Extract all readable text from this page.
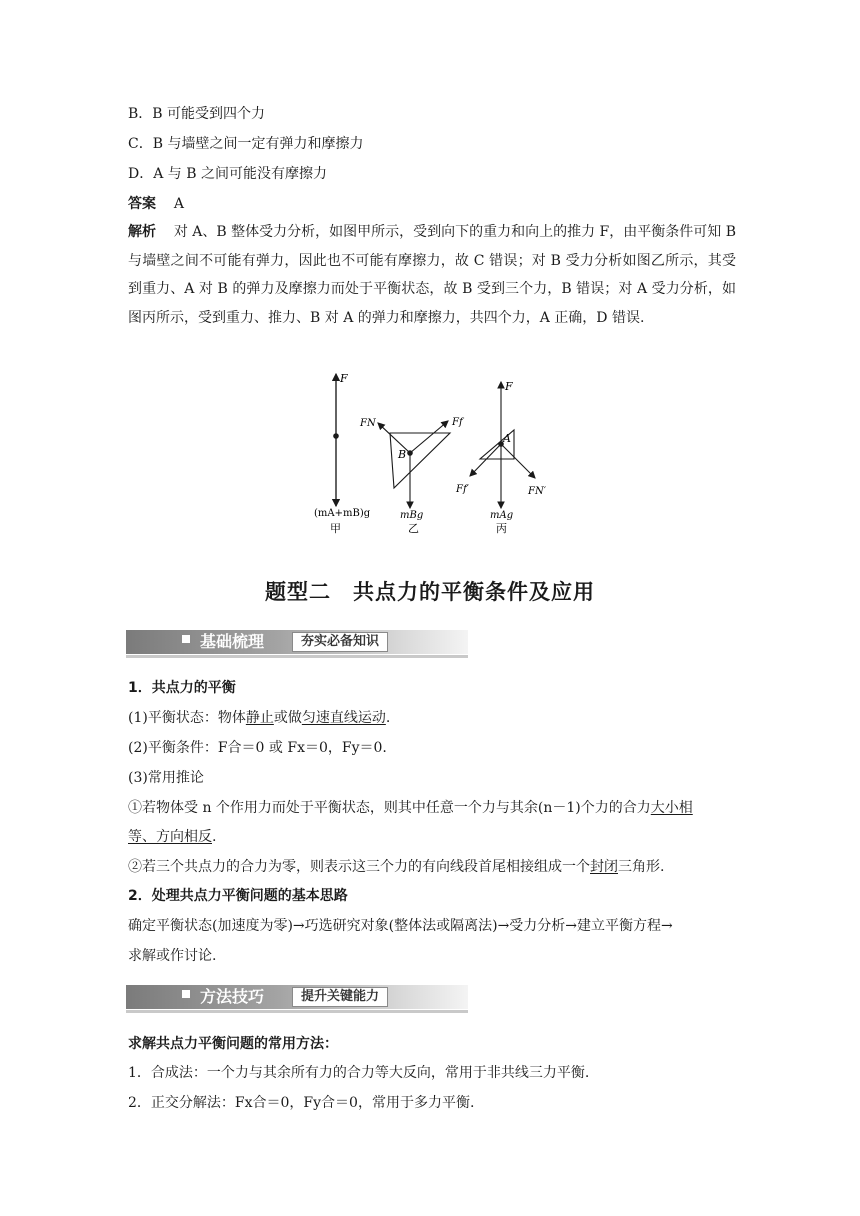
B．B 可能受到四个力
C．B 与墙壁之间一定有弹力和摩擦力
D．A 与 B 之间可能没有摩擦力
答案 A
解析 对 A、B 整体受力分析，如图甲所示，受到向下的重力和向上的推力 F，由平衡条件可知 B 与墙壁之间不可能有弹力，因此也不可能有摩擦力，故 C 错误；对 B 受力分析如图乙所示，其受到重力、A 对 B 的弹力及摩擦力而处于平衡状态，故 B 受到三个力，B 错误；对 A 受力分析，如图丙所示，受到重力、推力、B 对 A 的弹力和摩擦力，共四个力，A 正确，D 错误.
F
(mA+mB)g
甲
FN	Ff
B
mBg
乙
F
A
Ff′	FN′
mAg
丙
题型二　共点力的平衡条件及应用
基础梳理	夯实必备知识
1．共点力的平衡
(1)平衡状态：物体静止或做匀速直线运动.
(2)平衡条件：F合＝0 或 Fx＝0，Fy＝0.
(3)常用推论
①若物体受 n 个作用力而处于平衡状态，则其中任意一个力与其余(n－1)个力的合力大小相
等、方向相反.
②若三个共点力的合力为零，则表示这三个力的有向线段首尾相接组成一个封闭三角形.
2．处理共点力平衡问题的基本思路
确定平衡状态(加速度为零)→巧选研究对象(整体法或隔离法)→受力分析→建立平衡方程→
求解或作讨论.
方法技巧	提升关键能力
求解共点力平衡问题的常用方法：
1．合成法：一个力与其余所有力的合力等大反向，常用于非共线三力平衡.
2．正交分解法：Fx合＝0，Fy合＝0，常用于多力平衡.
